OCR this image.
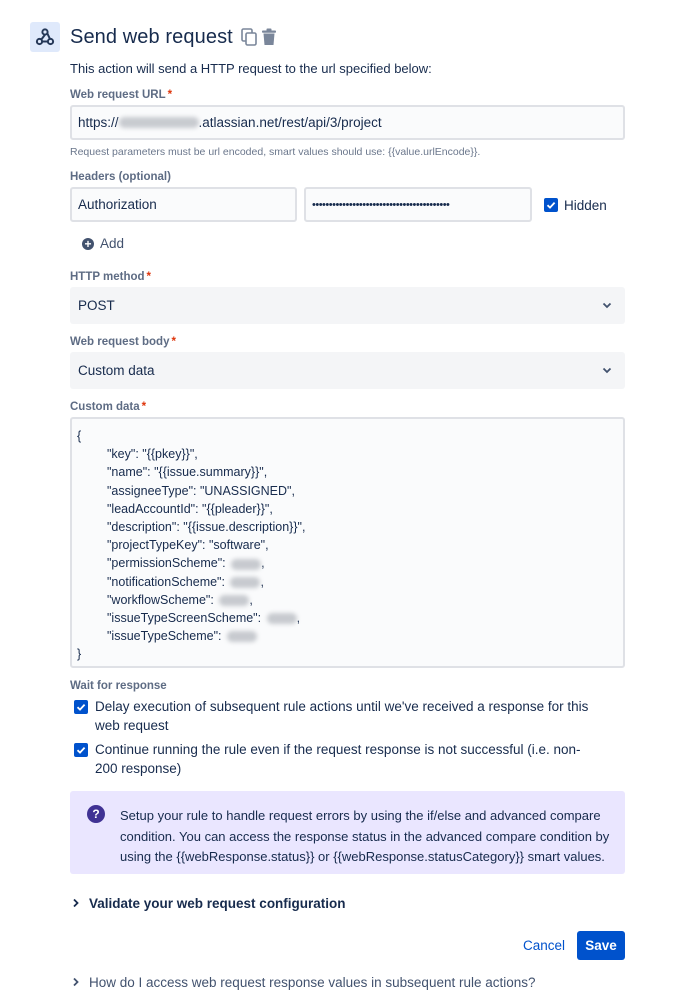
Send web request
This action will send a HTTP request to the url specified below:
Web request URL *
https://	.atlassian.net/rest/api/3/project
Request parameters must be url encoded, smart values should use: {{value.urlEncode}}.
Headers (optional)
Authorization	•••••••••••••••••••••••••••••••••••••••••	Hidden
+ Add
HTTP method *
POST
Web request body *
Custom data
Custom data *
{
"key": "{{pkey}}",
"name": "{{issue.summary}}",
"assigneeType": "UNASSIGNED",
"leadAccountId": "{{pleader}}",
"description": "{{issue.description}}",
"projectTypeKey": "software",
"permissionScheme":	,
"notificationScheme":	,
"workflowScheme":	,
"issueTypeScreenScheme":	,
"issueTypeScheme":
}
Wait for response
Delay execution of subsequent rule actions until we've received a response for this web request
Continue running the rule even if the request response is not successful (i.e. non-200 response)
?	Setup your rule to handle request errors by using the if/else and advanced compare condition. You can access the response status in the advanced compare condition by using the {{webResponse.status}} or {{webResponse.statusCategory}} smart values.
Validate your web request configuration
Cancel	Save
How do I access web request response values in subsequent rule actions?
